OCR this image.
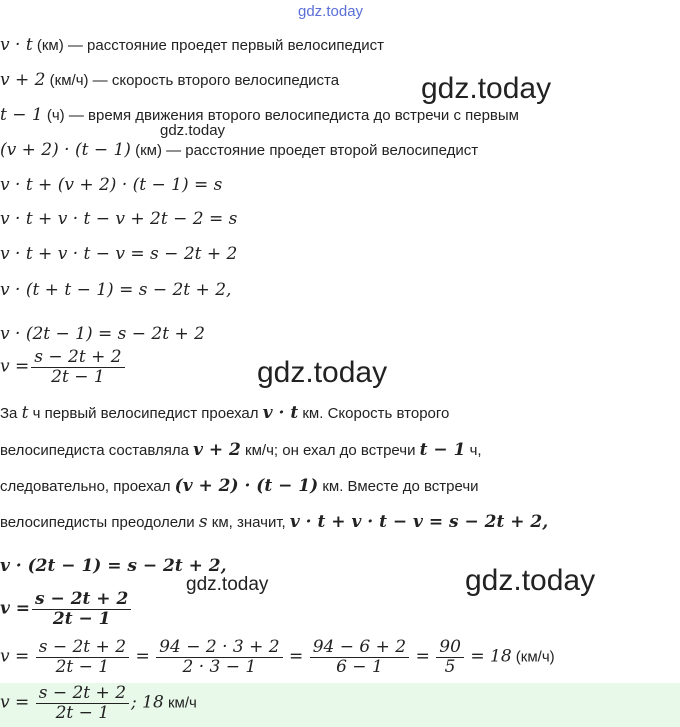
gdz.today
gdz.today
gdz.today
gdz.today
gdz.today	gdz.today
v · t (км) — расстояние проедет первый велосипедист
v + 2 (км/ч) — скорость второго велосипедиста
t − 1 (ч) — время движения второго велосипедиста до встречи с первым
(v + 2) · (t − 1) (км) — расстояние проедет второй велосипедист
v · t + (v + 2) · (t − 1) = s
v · t + v · t − v + 2t − 2 = s
v · t + v · t − v = s − 2t + 2
v · (t + t − 1) = s − 2t + 2,
v · (2t − 1) = s − 2t + 2
$v = \frac{s - 2t + 2}{2t - 1}$
За t ч первый велосипедист проехал v · t км. Скорость второго
велосипедиста составляла v + 2 км/ч; он ехал до встречи t − 1 ч,
следовательно, проехал (v + 2) · (t − 1) км. Вместе до встречи
велосипедисты преодолели s км, значит, v · t + v · t − v = s − 2t + 2,
v · (2t − 1) = s − 2t + 2,
$v = \frac{s - 2t + 2}{2t - 1}$
$v = \frac{s - 2t + 2}{2t - 1} = \frac{94 - 2 \cdot 3 + 2}{2 \cdot 3 - 1} = \frac{94 - 6 + 2}{6 - 1} = \frac{90}{5} = 18$ (км/ч)
$v = \frac{s - 2t + 2}{2t - 1}$ ; 18 км/ч
